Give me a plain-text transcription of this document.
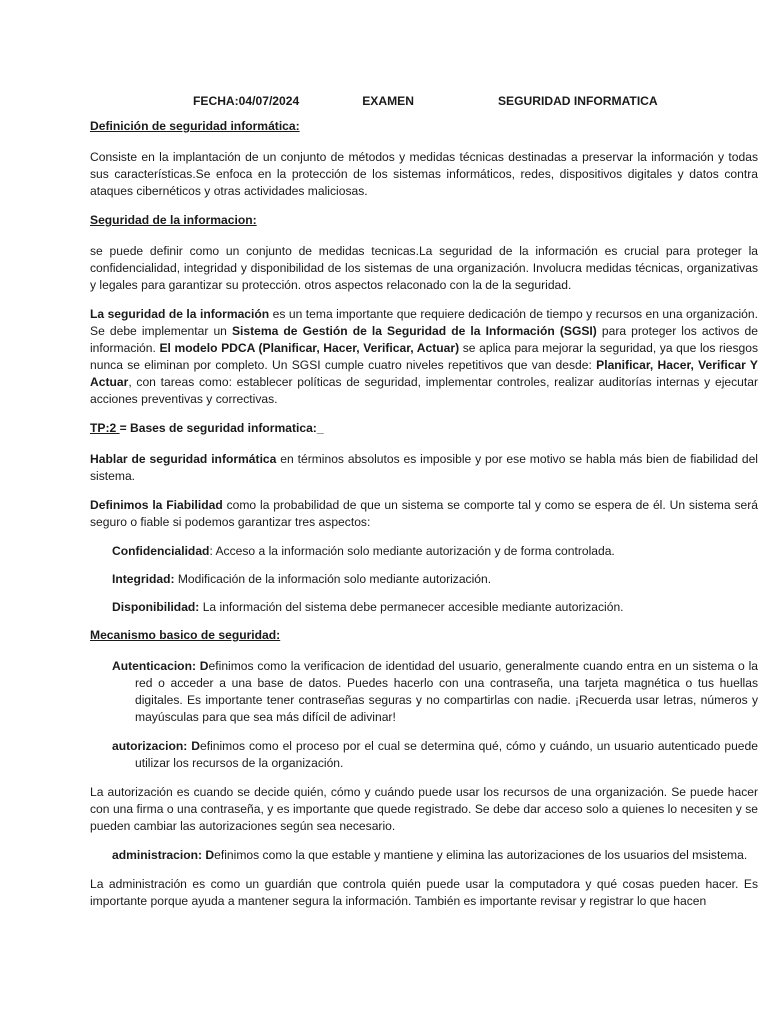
FECHA:04/07/2024	EXAMEN	SEGURIDAD INFORMATICA
Definición de seguridad informática:

Consiste en la implantación de un conjunto de métodos y medidas técnicas destinadas a preservar la información y todas sus características.Se enfoca en la protección de los sistemas informáticos, redes, dispositivos digitales y datos contra ataques cibernéticos y otras actividades maliciosas.

Seguridad de la informacion:

se puede definir como un conjunto de medidas tecnicas.La seguridad de la información es crucial para proteger la confidencialidad, integridad y disponibilidad de los sistemas de una organización. Involucra medidas técnicas, organizativas y legales para garantizar su protección. otros aspectos relaconado con la de la seguridad.

La seguridad de la información es un tema importante que requiere dedicación de tiempo y recursos en una organización. Se debe implementar un Sistema de Gestión de la Seguridad de la Información (SGSI) para proteger los activos de información. El modelo PDCA (Planificar, Hacer, Verificar, Actuar) se aplica para mejorar la seguridad, ya que los riesgos nunca se eliminan por completo. Un SGSI cumple cuatro niveles repetitivos que van desde: Planificar, Hacer, Verificar Y Actuar, con tareas como: establecer políticas de seguridad, implementar controles, realizar auditorías internas y ejecutar acciones preventivas y correctivas.

TP:2 = Bases de seguridad informatica:_

Hablar de seguridad informática en términos absolutos es imposible y por ese motivo se habla más bien de fiabilidad del sistema.

Definimos la Fiabilidad como la probabilidad de que un sistema se comporte tal y como se espera de él. Un sistema será seguro o fiable si podemos garantizar tres aspectos:

Confidencialidad: Acceso a la información solo mediante autorización y de forma controlada.

Integridad: Modificación de la información solo mediante autorización.

Disponibilidad: La información del sistema debe permanecer accesible mediante autorización.

Mecanismo basico de seguridad:

Autenticacion: Definimos como la verificacion de identidad del usuario, generalmente cuando entra en un sistema o la red o acceder a una base de datos. Puedes hacerlo con una contraseña, una tarjeta magnética o tus huellas digitales. Es importante tener contraseñas seguras y no compartirlas con nadie. ¡Recuerda usar letras, números y mayúsculas para que sea más difícil de adivinar!

autorizacion: Definimos como el proceso por el cual se determina qué, cómo y cuándo, un usuario autenticado puede utilizar los recursos de la organización.

La autorización es cuando se decide quién, cómo y cuándo puede usar los recursos de una organización. Se puede hacer con una firma o una contraseña, y es importante que quede registrado. Se debe dar acceso solo a quienes lo necesiten y se pueden cambiar las autorizaciones según sea necesario.

administracion: Definimos como la que estable y mantiene y elimina las autorizaciones de los usuarios del msistema.

La administración es como un guardián que controla quién puede usar la computadora y qué cosas pueden hacer. Es importante porque ayuda a mantener segura la información. También es importante revisar y registrar lo que hacen
